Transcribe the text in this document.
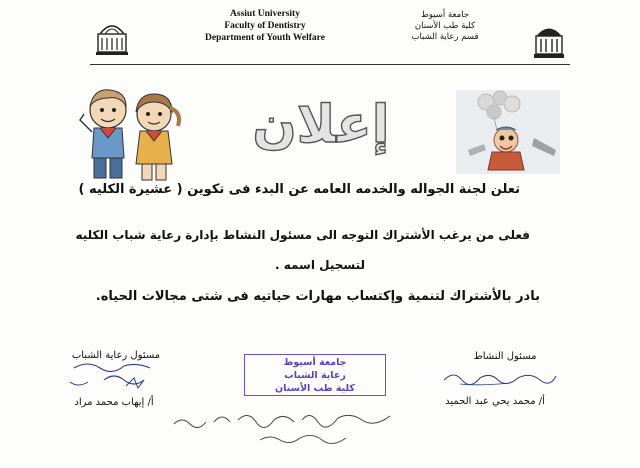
Assiut University
Faculty of Dentistry
Department of Youth Welfare
جامعة أسيوط
كلية طب الأسنان
قسم رعاية الشباب
إعلان
تعلن لجنة الجواله والخدمه العامه عن البدء فى تكوين ( عشيرة الكليه )
فعلى من يرغب الأشتراك التوجه الى مسئول النشاط بإدارة رعاية شباب الكليه
لتسجيل اسمه .
بادر بالأشتراك لتنمية وإكتساب مهارات حياتيه فى شتى مجالات الحياه.
مسئول النشاط
أ/ محمد يحي عبد الحميد
جامعة أسيوط
رعاية الشباب
كلية طب الأسنان
مسئول رعاية الشباب
أ/ إيهاب محمد مراد
